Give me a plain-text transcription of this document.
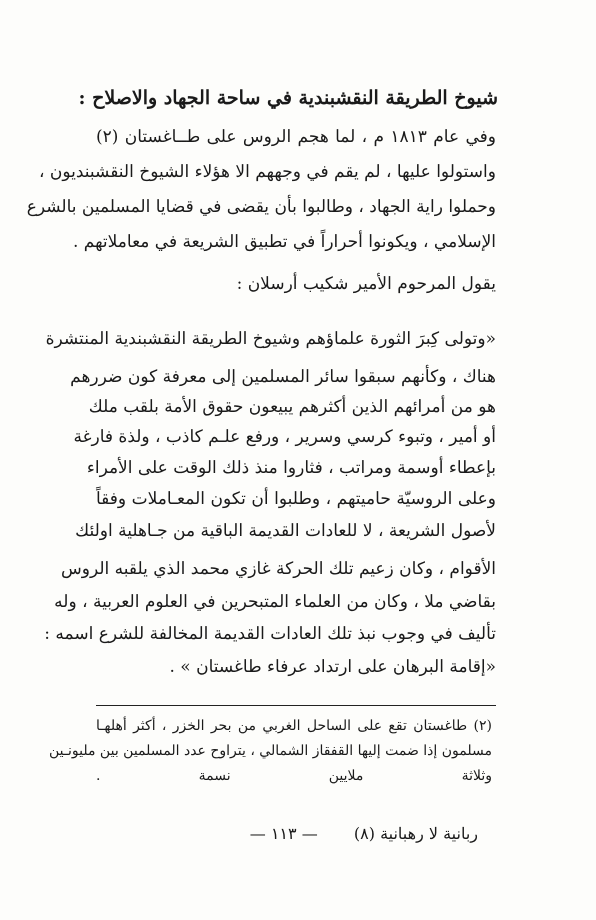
شيوخ الطريقة النقشبندية في ساحة الجهاد والاصلاح :
وفي عام ١٨١٣ م ، لما هجم الروس على طــاغستان (٢)
واستولوا عليها ، لم يقم في وجههم الا هؤلاء الشيوخ النقشبنديون ،
وحملوا راية الجهاد ، وطالبوا بأن يقضى في قضايا المسلمين بالشرع
الإسلامي ، ويكونوا أحراراً في تطبيق الشريعة في معاملاتهم .
يقول المرحوم الأمير شكيب أرسلان :
«وتولى كِبرَ الثورة علماؤهم وشيوخ الطريقة النقشبندية المنتشرة
هناك ، وكأنهم سبقوا سائر المسلمين إلى معرفة كون ضررهم
هو من أمرائهم الذين أكثرهم يبيعون حقوق الأمة بلقب ملك
أو أمير ، وتبوء كرسي وسرير ، ورفع علـم كاذب ، ولذة فارغة
بإعطاء أوسمة ومراتب ، فثاروا منذ ذلك الوقت على الأمراء
وعلى الروسيّة حاميتهم ، وطلبوا أن تكون المعـاملات وفقاً
لأصول الشريعة ، لا للعادات القديمة الباقية من جـاهلية اولئك
الأقوام ، وكان زعيم تلك الحركة غازي محمد الذي يلقبه الروس
بقاضي ملا ، وكان من العلماء المتبحرين في العلوم العربية ، وله
تأليف في وجوب نبذ تلك العادات القديمة المخالفة للشرع اسمه :
«إقامة البرهان على ارتداد عرفاء طاغستان » .
(٢) طاغستان تقع على الساحل الغربي من بحر الخزر ، أكثر أهلهـا
مسلمون إذا ضمت إليها القفقاز الشمالي ، يتراوح عدد المسلمين بين مليونـين
وثلاثة ملايين نسمة .
ربانية لا رهبانية (٨)  — ١١٣ —
